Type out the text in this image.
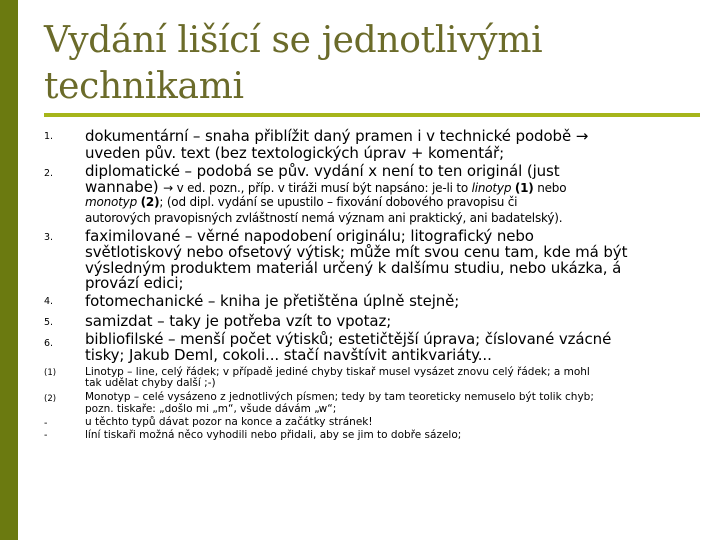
Vydání lišící se jednotlivými
technikami
1.
2.
3.
4.
5.
6.
(1)
(2)
-
-
dokumentární – snaha přiblížit daný pramen i v technické podobě →
uveden pův. text (bez textologických úprav + komentář;
diplomatické – podobá se pův. vydání x není to ten originál (just
wannabe) → v ed. pozn., příp. v tiráži musí být napsáno: je-li to linotyp (1) nebo
monotyp (2); (od dipl. vydání se upustilo – fixování dobového pravopisu či
autorových pravopisných zvláštností nemá význam ani praktický, ani badatelský).
faximilované – věrné napodobení originálu; litografický nebo
světlotiskový nebo ofsetový výtisk; může mít svou cenu tam, kde má být
výsledným produktem materiál určený k dalšímu studiu, nebo ukázka, á
provází edici;
fotomechanické – kniha je přetištěna úplně stejně;
samizdat – taky je potřeba vzít to vpotaz;
bibliofilské – menší počet výtisků; estetičtější úprava; číslované vzácné
tisky; Jakub Deml, cokoli... stačí navštívit antikvariáty...
Linotyp – line, celý řádek; v případě jediné chyby tiskař musel vysázet znovu celý řádek; a mohl
tak udělat chyby další ;-)
Monotyp – celé vysázeno z jednotlivých písmen; tedy by tam teoreticky nemuselo být tolik chyb;
pozn. tiskaře: „došlo mi „m“, všude dávám „w“;
u těchto typů dávat pozor na konce a začátky stránek!
líní tiskaři možná něco vyhodili nebo přidali, aby se jim to dobře sázelo;
